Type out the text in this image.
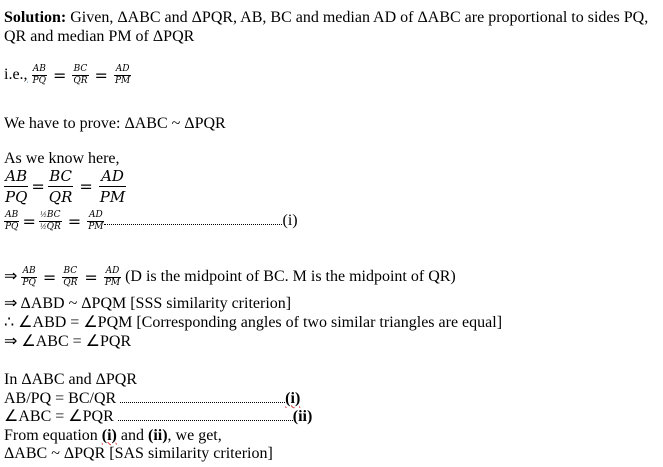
Solution: Given, ΔABC and ΔPQR, AB, BC and median AD of ΔABC are proportional to sides PQ,
QR and median PM of ΔPQR
i.e., $\frac{AB}{PQ} = \frac{BC}{QR} = \frac{AD}{PM}$
We have to prove: ΔABC ~ ΔPQR
As we know here,
$\frac{AB}{PQ} = \frac{BC}{QR} = \frac{AD}{PM}$
$\frac{AB}{PQ} = \frac{\text{½BC}}{\text{½QR}} = \frac{AD}{PM}$	(i)
⇒ $\frac{AB}{PQ} = \frac{BC}{QR} = \frac{AD}{PM} (D$ is the midpoint of BC. M is the midpoint of QR)
⇒ ΔABD ~ ΔPQM [SSS similarity criterion]
∴ ∠ABD = ∠PQM [Corresponding angles of two similar triangles are equal]
⇒ ∠ABC = ∠PQR
In ΔABC and ΔPQR
AB/PQ = BC/QR	(i)
∠ABC = ∠PQR	(ii)
From equation (i) and (ii), we get,
ΔABC ~ ΔPQR [SAS similarity criterion]
